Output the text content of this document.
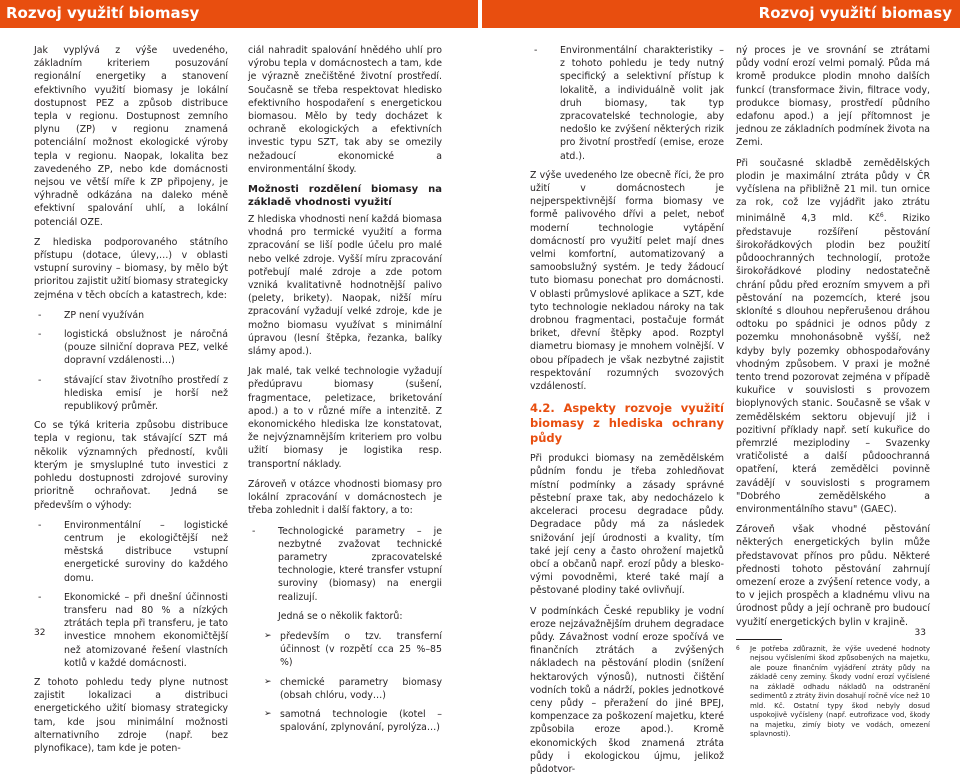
Rozvoj využití biomasy	Rozvoj využití biomasy

Jak vyplývá z výše uvedeného, základním kriteriem posuzování regionální energetiky a stanovení efektivního využití biomasy je lokální dostupnost PEZ a způsob distribuce tepla v regionu. Dostupnost zemního plynu (ZP) v regionu znamená potenciální možnost ekologické výroby tepla v regionu. Naopak, lokalita bez zavedeného ZP, nebo kde domácnosti nejsou ve větší míře k ZP připojeny, je výhradně odkázána na daleko méně efektivní spalování uhlí, a lokální potenciál OZE.

Z hlediska podporovaného státního přístupu (dotace, úlevy,…) v oblasti vstupní suroviny – biomasy, by mělo být prioritou zajistit užití biomasy strategicky zejména v těch obcích a katastrech, kde:

- ZP není využíván
- logistická obslužnost je náročná (pouze silniční doprava PEZ, velké dopravní vzdálenosti…)
- stávající stav životního prostředí z hlediska emisí je horší než republikový průměr.

Co se týká kriteria způsobu distribuce tepla v regionu, tak stávající SZT má několik významných předností, kvůli kterým je smysluplné tuto investici z pohledu dostupnosti zdrojové suroviny prioritně ochraňovat. Jedná se především o výhody:

- Environmentální – logistické centrum je ekologičtější než městská distribuce vstupní energetické suroviny do každého domu.
- Ekonomické – při dnešní účinnosti transferu nad 80 % a nízkých ztrátách tepla při transferu, je tato investice mnohem ekonomičtější než atomizované řešení vlastních kotlů v každé domácnosti.

Z tohoto pohledu tedy plyne nutnost zajistit lokalizaci a distribuci energetického užití biomasy strategicky tam, kde jsou minimální možnosti alternativního zdroje (např. bez plynofikace), tam kde je poten-

ciál nahradit spalování hnědého uhlí pro výrobu tepla v domácnostech a tam, kde je výrazně znečištěné životní prostředí. Současně se třeba respektovat hledisko efektivního hospodaření s energetickou biomasou. Mělo by tedy docházet k ochraně ekologických a efektivních investic typu SZT, tak aby se omezily nežadoucí ekonomické a environmentální škody.

Možnosti rozdělení biomasy na základě vhodnosti využití

Z hlediska vhodnosti není každá biomasa vhodná pro termické využití a forma zpracování se liší podle účelu pro malé nebo velké zdroje. Vyšší míru zpracování potřebují malé zdroje a zde potom vzniká kvalitativně hodnotnější palivo (pelety, brikety). Naopak, nižší míru zpracování vyžadují velké zdroje, kde je možno biomasu využívat s minimální úpravou (lesní štěpka, řezanka, balíky slámy apod.).

Jak malé, tak velké technologie vyžadují předúpravu biomasy (sušení, fragmentace, peletizace, briketování apod.) a to v různé míře a intenzitě. Z ekonomického hlediska lze konstatovat, že nejvýznamnějším kriteriem pro volbu užití biomasy je logistika resp. transportní náklady.

Zároveň v otázce vhodnosti biomasy pro lokální zpracování v domácnostech je třeba zohlednit i další faktory, a to:

- Technologické parametry – je nezbytné zvažovat technické parametry zpracovatelské technologie, které transfer vstupní suroviny (biomasy) na energii realizují.

Jedná se o několik faktorů:

➢ především o tzv. transferní účinnost (v rozpětí cca 25 %–85 %)
➢ chemické parametry biomasy (obsah chlóru, vody…)
➢ samotná technologie (kotel – spalování, zplynování, pyrolýza…)
- Environmentální charakteristiky – z tohoto pohledu je tedy nutný specifický a selektivní přístup k lokalitě, a individuálně volit jak druh biomasy, tak typ zpracovatelské technologie, aby nedošlo ke zvýšení některých rizik pro životní prostředí (emise, eroze atd.).

Z výše uvedeného lze obecně říci, že pro užití v domácnostech je nejperspektivnější forma biomasy ve formě palivového dřívi a pelet, neboť moderní technologie vytápění domácností pro využití pelet mají dnes velmi komfortní, automatizovaný a samoobslužný systém. Je tedy žádoucí tuto biomasu ponechat pro domácnosti. V oblasti průmyslové aplikace a SZT, kde tyto technologie nekladou nároky na tak drobnou fragmentaci, postačuje formát briket, dřevní štěpky apod. Rozptyl diametru biomasy je mnohem volnější. V obou případech je však nezbytné zajistit respektování rozumných svozových vzdáleností.

4.2. Aspekty rozvoje využití biomasy z hlediska ochrany půdy

Při produkci biomasy na zemědělském půdním fondu je třeba zohledňovat místní podmínky a zásady správné pěstební praxe tak, aby nedocházelo k akceleraci procesu degradace půdy. Degradace půdy má za následek snižování její úrodnosti a kvality, tím také její ceny a často ohrožení majetků obcí a občanů např. erozí půdy a bleskovými povodněmi, které také mají a pěstované plodiny také ovlivňují.

V podmínkách České republiky je vodní eroze nejzávažnějším druhem degradace půdy. Závažnost vodní eroze spočívá ve finančních ztrátách a zvýšených nákladech na pěstování plodin (snížení hektarových výnosů), nutnosti čištění vodních toků a nádrží, pokles jednotkové ceny půdy – přeražení do jiné BPEJ, kompenzace za poškození majetku, které způsobila eroze apod.). Kromě ekonomických škod znamená ztráta půdy i ekologickou újmu, jelikož půdotvor-

ný proces je ve srovnání se ztrátami půdy vodní erozí velmi pomalý. Půda má kromě produkce plodin mnoho dalších funkcí (transformace živin, filtrace vody, produkce biomasy, prostředí půdního edafonu apod.) a její přítomnost je jednou ze základních podmínek života na Zemi.

Při současné skladbě zemědělských plodin je maximální ztráta půdy v ČR vyčíslena na přibližně 21 mil. tun ornice za rok, což lze vyjádřit jako ztrátu minimálně 4,3 mld. Kč$^6$. Riziko představuje rozšíření pěstování širokořádkových plodin bez použití půdoochranných technologií, protože širokořádkové plodiny nedostatečně chrání půdu před erozním smyvem a při pěstování na pozemcích, které jsou skloníté s dlouhou nepřerušenou dráhou odtoku po spádnici je odnos půdy z pozemku mnohonásobně vyšší, než kdyby byly pozemky obhospodařovány vhodným způsobem. V praxi je možné tento trend pozorovat zejména v případě kukuřice v souvislosti s provozem bioplynových stanic. Současně se však v zemědělském sektoru objevují již i pozitivní příklady např. setí kukuřice do přemrzlé meziplodiny – Svazenky vratičolisté a další půdoochranná opatření, která zemědělci povinně zavádějí v souvislosti s programem "Dobrého zemědělského a environmentálního stavu" (GAEC).

Zároveň však vhodné pěstování některých energetických bylin může představovat přínos pro půdu. Některé přednosti tohoto pěstování zahrnují omezení eroze a zvýšení retence vody, a to v jejich prospěch a kladnému vlivu na úrodnost půdy a její ochraně pro budoucí využití energetických bylin v krajině.

6 Je potřeba zdůraznit, že výše uvedené hodnoty nejsou vyčísleními škod způsobených na majetku, ale pouze finančním vyjádření ztráty půdy na základě ceny zeminy. Škody vodní erozí vyčíslené na základě odhadu nákladů na odstranění sedimentů z ztráty živin dosahují ročně více než 10 mld. Kč. Ostatní typy škod nebyly dosud uspokojivě vyčísleny (např. eutrofizace vod, škody na majetku, zimíy bioty ve vodách, omezení splavnosti).
32	33
